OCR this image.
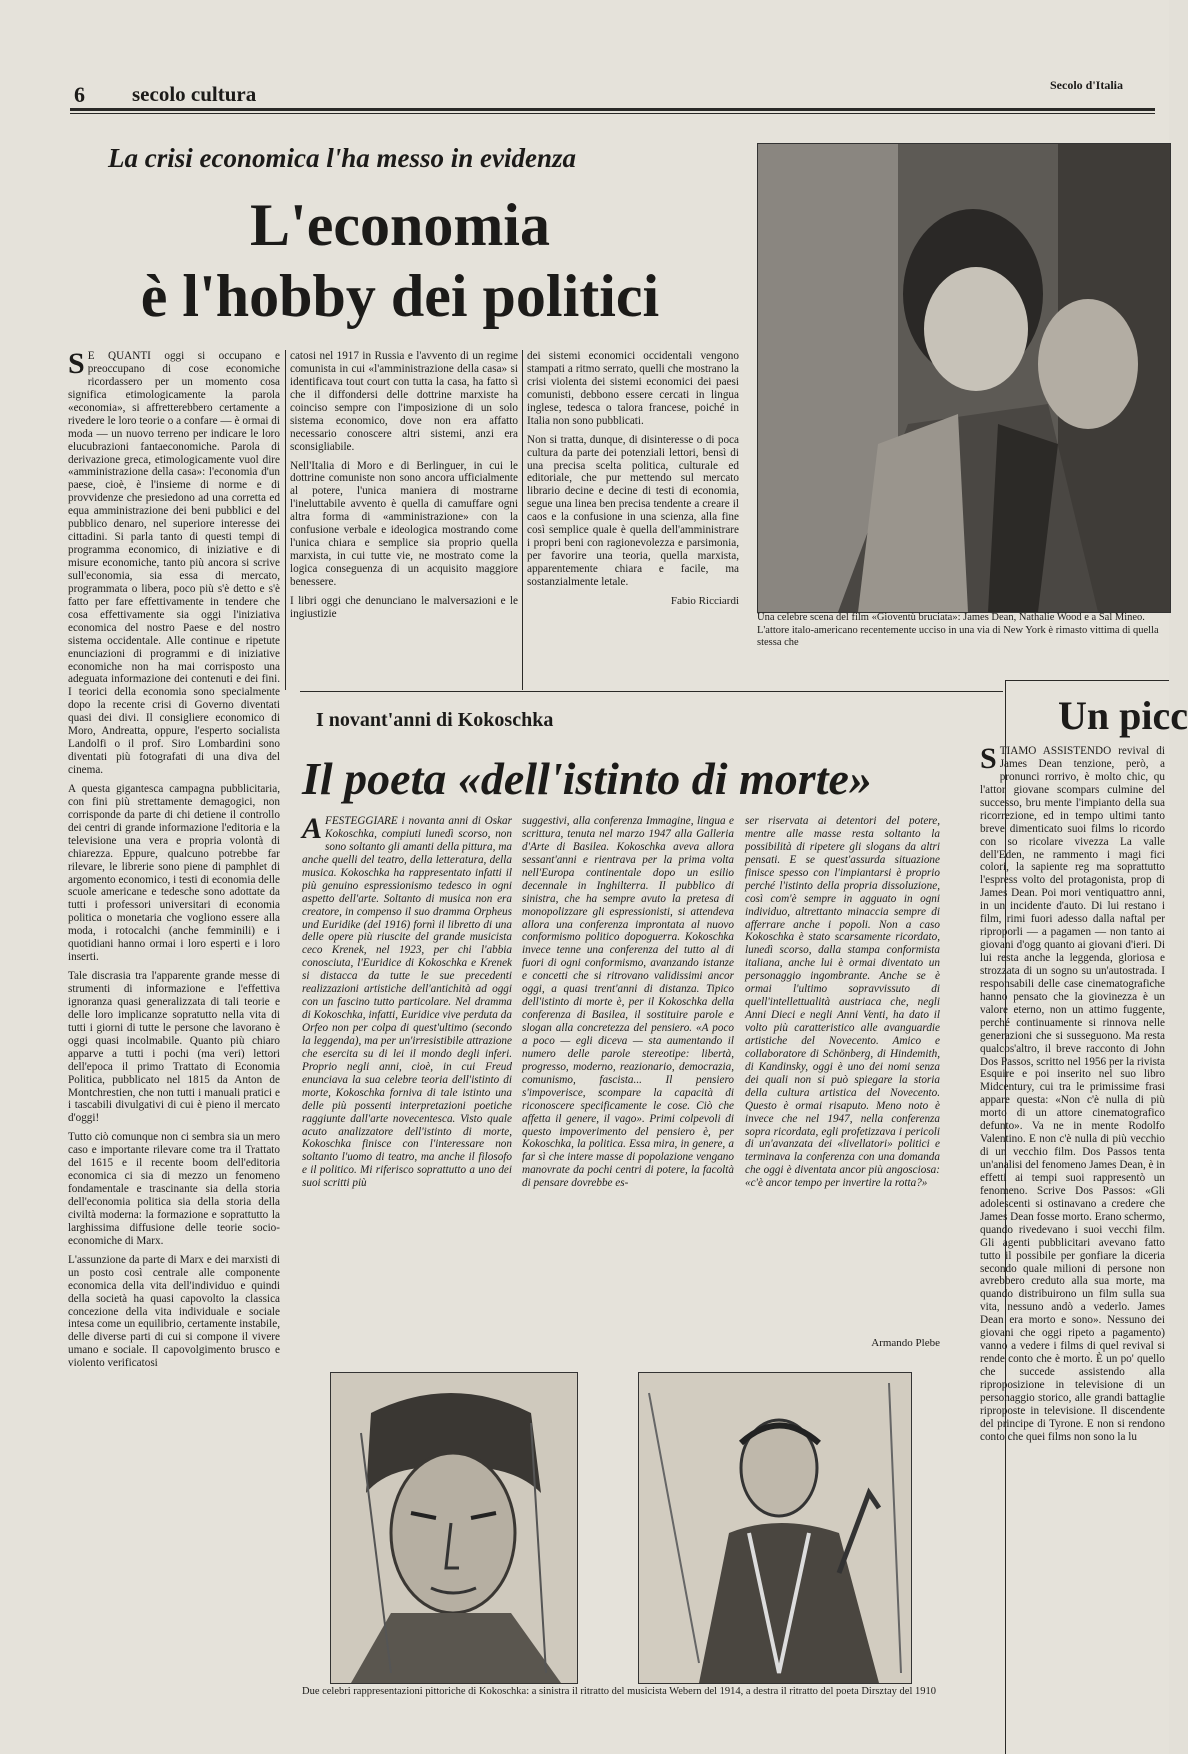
6 secolo cultura	Secolo d'Italia
La crisi economica l'ha messo in evidenza
L'economia
è l'hobby dei politici

S E QUANTI oggi si occupano e preoccupano di cose economiche ricordassero per un momento cosa significa etimologicamente la parola «economia», si affretterebbero certamente a rivedere le loro teorie o a confare — è ormai di moda — un nuovo terreno per indicare le loro elucubrazioni fantaeconomiche. Parola di derivazione greca, etimologicamente vuol dire «amministrazione della casa»: l'economia d'un paese, cioè, è l'insieme di norme e di provvidenze che presiedono ad una corretta ed equa amministrazione dei beni pubblici e del pubblico denaro, nel superiore interesse dei cittadini. Si parla tanto di questi tempi di programma economico, di iniziative e di misure economiche, tanto più ancora si scrive sull'economia, sia essa di mercato, programmata o libera, poco più s'è detto e s'è fatto per fare effettivamente in tendere che cosa effettivamente sia oggi l'iniziativa economica del nostro Paese e del nostro sistema occidentale. Alle continue e ripetute enunciazioni di programmi e di iniziative economiche non ha mai corrisposto una adeguata informazione dei contenuti e dei fini. I teorici della economia sono specialmente dopo la recente crisi di Governo diventati quasi dei divi. Il consigliere economico di Moro, Andreatta, oppure, l'esperto socialista Landolfi o il prof. Siro Lombardini sono diventati più fotografati di una diva del cinema.

A questa gigantesca campagna pubblicitaria, con fini più strettamente demagogici, non corrisponde da parte di chi detiene il controllo dei centri di grande informazione l'editoria e la televisione una vera e propria volontà di chiarezza. Eppure, qualcuno potrebbe far rilevare, le librerie sono piene di pamphlet di argomento economico, i testi di economia delle scuole americane e tedesche sono adottate da tutti i professori universitari di economia politica o monetaria che vogliono essere alla moda, i rotocalchi (anche femminili) e i quotidiani hanno ormai i loro esperti e i loro inserti.

Tale discrasia tra l'apparente grande messe di strumenti di informazione e l'effettiva ignoranza quasi generalizzata di tali teorie e delle loro implicanze sopratutto nella vita di tutti i giorni di tutte le persone che lavorano è oggi quasi incolmabile. Quanto più chiaro apparve a tutti i pochi (ma veri) lettori dell'epoca il primo Trattato di Economia Politica, pubblicato nel 1815 da Anton de Montchrestien, che non tutti i manuali pratici e i tascabili divulgativi di cui è pieno il mercato d'oggi!

Tutto ciò comunque non ci sembra sia un mero caso e importante rilevare come tra il Trattato del 1615 e il recente boom dell'editoria economica ci sia di mezzo un fenomeno fondamentale e trascinante sia della storia dell'economia politica sia della storia della civiltà moderna: la formazione e soprattutto la larghissima diffusione delle teorie socio-economiche di Marx.

L'assunzione da parte di Marx e dei marxisti di un posto così centrale alle componente economica della vita dell'individuo e quindi della società ha quasi capovolto la classica concezione della vita individuale e sociale intesa come un equilibrio, certamente instabile, delle diverse parti di cui si compone il vivere umano e sociale. Il capovolgimento brusco e violento verificatosi

catosi nel 1917 in Russia e l'avvento di un regime comunista in cui «l'amministrazione della casa» si identificava tout court con tutta la casa, ha fatto sì che il diffondersi delle dottrine marxiste ha coinciso sempre con l'imposizione di un solo sistema economico, dove non era affatto necessario conoscere altri sistemi, anzi era sconsigliabile.

Nell'Italia di Moro e di Berlinguer, in cui le dottrine comuniste non sono ancora ufficialmente al potere, l'unica maniera di mostrarne l'ineluttabile avvento è quella di camuffare ogni altra forma di «amministrazione» con la confusione verbale e ideologica mostrando come l'unica chiara e semplice sia proprio quella marxista, in cui tutte vie, ne mostrato come la logica conseguenza di un acquisito maggiore benessere.

I libri oggi che denunciano le malversazioni e le ingiustizie

dei sistemi economici occidentali vengono stampati a ritmo serrato, quelli che mostrano la crisi violenta dei sistemi economici dei paesi comunisti, debbono essere cercati in lingua inglese, tedesca o talora francese, poiché in Italia non sono pubblicati.

Non si tratta, dunque, di disinteresse o di poca cultura da parte dei potenziali lettori, bensì di una precisa scelta politica, culturale ed editoriale, che pur mettendo sul mercato librario decine e decine di testi di economia, segue una linea ben precisa tendente a creare il caos e la confusione in una scienza, alla fine così semplice quale è quella dell'amministrare i propri beni con ragionevolezza e parsimonia, per favorire una teoria, quella marxista, apparentemente chiara e facile, ma sostanzialmente letale.

Fabio Ricciardi
Una celebre scena del film «Gioventù bruciata»: James Dean, Nathalie Wood e a Sal Mineo. L'attore italo-americano recentemente ucciso in una via di New York è rimasto vittima di quella stessa che
I novant'anni di Kokoschka
Il poeta «dell'istinto di morte»

AFESTEGGIARE i novanta anni di Oskar Kokoschka, compiuti lunedì scorso, non sono soltanto gli amanti della pittura, ma anche quelli del teatro, della letteratura, della musica. Kokoschka ha rappresentato infatti il più genuino espressionismo tedesco in ogni aspetto dell'arte. Soltanto di musica non era creatore, in compenso il suo dramma Orpheus und Euridike (del 1916) fornì il libretto di una delle opere più riuscite del grande musicista ceco Krenek, nel 1923, per chi l'abbia conosciuta, l'Euridice di Kokoschka e Krenek si distacca da tutte le sue precedenti realizzazioni artistiche dell'antichità ad oggi con un fascino tutto particolare. Nel dramma di Kokoschka, infatti, Euridice vive perduta da Orfeo non per colpa di quest'ultimo (secondo la leggenda), ma per un'irresistibile attrazione che esercita su di lei il mondo degli inferi. Proprio negli anni, cioè, in cui Freud enunciava la sua celebre teoria dell'istinto di morte, Kokoschka forniva di tale istinto una delle più possenti interpretazioni poetiche raggiunte dall'arte novecentesca. Visto quale acuto analizzatore dell'istinto di morte, Kokoschka finisce con l'interessare non soltanto l'uomo di teatro, ma anche il filosofo e il politico. Mi riferisco soprattutto a uno dei suoi scritti più

suggestivi, alla conferenza Immagine, lingua e scrittura, tenuta nel marzo 1947 alla Galleria d'Arte di Basilea. Kokoschka aveva allora sessant'anni e rientrava per la prima volta nell'Europa continentale dopo un esilio decennale in Inghilterra. Il pubblico di sinistra, che ha sempre avuto la pretesa di monopolizzare gli espressionisti, si attendeva allora una conferenza improntata al nuovo conformismo politico dopoguerra. Kokoschka invece tenne una conferenza del tutto al di fuori di ogni conformismo, avanzando istanze e concetti che si ritrovano validissimi ancor oggi, a quasi trent'anni di distanza. Tipico dell'istinto di morte è, per il Kokoschka della conferenza di Basilea, il sostituire parole e slogan alla concretezza del pensiero. «A poco a poco — egli diceva — sta aumentando il numero delle parole stereotipe: libertà, progresso, moderno, reazionario, democrazia, comunismo, fascista... Il pensiero s'impoverisce, scompare la capacità di riconoscere specificamente le cose. Ciò che affetta il genere, il vago». Primi colpevoli di questo impoverimento del pensiero è, per Kokoschka, la politica. Essa mira, in genere, a far sì che intere masse di popolazione vengano manovrate da pochi centri di potere, la facoltà di pensare dovrebbe es-

ser riservata ai detentori del potere, mentre alle masse resta soltanto la possibilità di ripetere gli slogans da altri pensati. E se quest'assurda situazione finisce spesso con l'impiantarsi è proprio perché l'istinto della propria dissoluzione, così com'è sempre in agguato in ogni individuo, altrettanto minaccia sempre di afferrare anche i popoli. Non a caso Kokoschka è stato scarsamente ricordato, lunedì scorso, dalla stampa conformista italiana, anche lui è ormai diventato un personaggio ingombrante. Anche se è ormai l'ultimo sopravvissuto di quell'intellettualità austriaca che, negli Anni Dieci e negli Anni Venti, ha dato il volto più caratteristico alle avanguardie artistiche del Novecento. Amico e collaboratore di Schönberg, di Hindemith, di Kandinsky, oggi è uno dei nomi senza dei quali non si può spiegare la storia della cultura artistica del Novecento. Questo è ormai risaputo. Meno noto è invece che nel 1947, nella conferenza sopra ricordata, egli profetizzava i pericoli di un'avanzata dei «livellatori» politici e terminava la conferenza con una domanda che oggi è diventata ancor più angosciosa: «c'è ancor tempo per invertire la rotta?»

Armando Plebe
Due celebri rappresentazioni pittoriche di Kokoschka: a sinistra il ritratto del musicista Webern del 1914, a destra il ritratto del poeta Dirsztay del 1910
Un picc

STIAMO ASSISTENDO revival di James Dean tenzione, però, a pronunci rorrivo, è molto chic, qu l'attor giovane scompars culmine del successo, bru mente l'impianto della sua ricorrezione, ed in tempo ultimi tanto breve dimenticato suoi films lo ricordo con so ricolare vivezza La valle dell'Eden, ne rammento i magi fici colori, la sapiente reg ma soprattutto l'espress volto del protagonista, prop di James Dean. Poi mori ventiquattro anni, in un incidente d'auto. Di lui restano i film, rimi fuori adesso dalla naftal per riproporli — a pagamen — non tanto ai giovani d'ogg quanto ai giovani d'ieri. Di lui resta anche la leggenda, gloriosa e strozzata di un sogno su un'autostrada. I responsabili delle case cinematografiche hanno pensato che la giovinezza è un valore eterno, non un attimo fuggente, perché continuamente si rinnova nelle generazioni che si susseguono. Ma resta qualcos'altro, il breve racconto di John Dos Passos, scritto nel 1956 per la rivista Esquire e poi inserito nel suo libro Midcentury, cui tra le primissime frasi appare questa: «Non c'è nulla di più morto di un attore cinematografico defunto». Va ne in mente Rodolfo Valentino. E non c'è nulla di più vecchio di un vecchio film. Dos Passos tenta un'analisi del fenomeno James Dean, è in effetti ai tempi suoi rappresentò un fenomeno. Scrive Dos Passos: «Gli adolescenti si ostinavano a credere che James Dean fosse morto. Erano schermo, quando rivedevano i suoi vecchi film. Gli agenti pubblicitari avevano fatto tutto il possibile per gonfiare la diceria secondo quale milioni di persone non avrebbero creduto alla sua morte, ma quando distribuirono un film sulla sua vita, nessuno andò a vederlo. James Dean era morto e sono». Nessuno dei giovani che oggi ripeto a pagamento) vanno a vedere i films di quel revival si rende conto che è morto. È un po' quello che succede assistendo alla riproposizione in televisione di un personaggio storico, alle grandi battaglie riproposte in televisione. Il discendente del principe di Tyrone. E non si rendono conto che quei films non sono la lu
